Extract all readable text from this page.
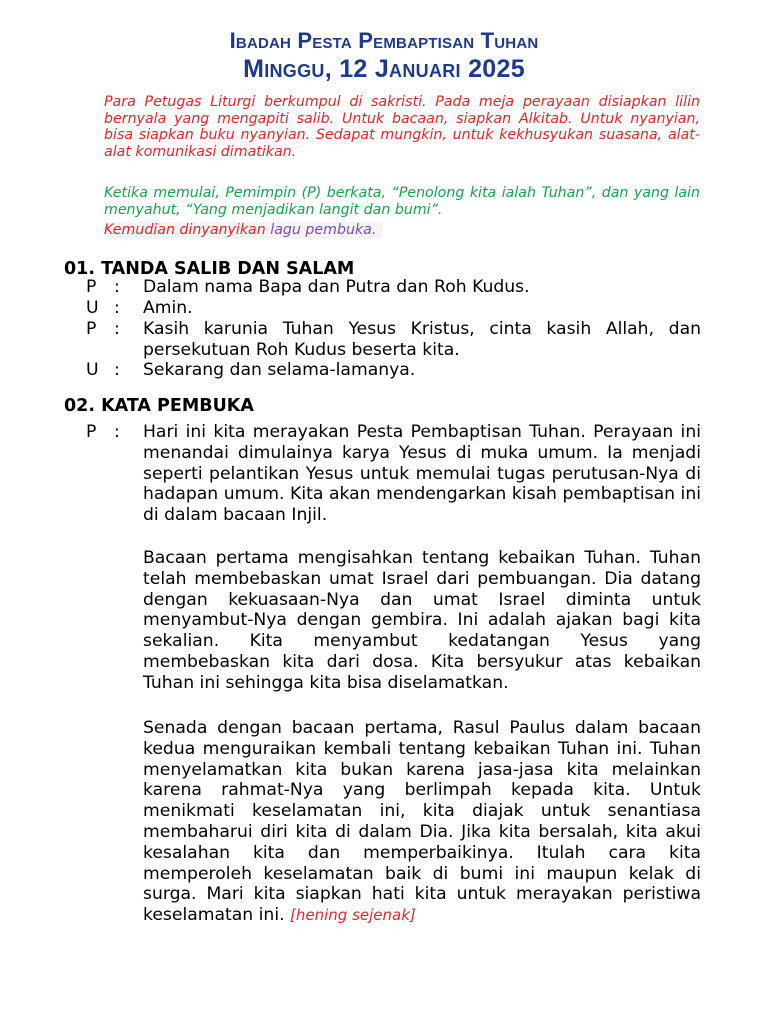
Ibadah Pesta Pembaptisan Tuhan
Minggu, 12 Januari 2025
Para Petugas Liturgi berkumpul di sakristi. Pada meja perayaan disiapkan lilin bernyala yang mengapiti salib. Untuk bacaan, siapkan Alkitab. Untuk nyanyian, bisa siapkan buku nyanyian. Sedapat mungkin, untuk kekhusyukan suasana, alat-alat komunikasi dimatikan.
Ketika memulai, Pemimpin (P) berkata, “Penolong kita ialah Tuhan”, dan yang lain menyahut, “Yang menjadikan langit dan bumi”.
Kemudian dinyanyikan lagu pembuka.
01. TANDA SALIB DAN SALAM
P	: Dalam nama Bapa dan Putra dan Roh Kudus.
U : Amin.
P	: Kasih karunia Tuhan Yesus Kristus, cinta kasih Allah, dan persekutuan Roh Kudus beserta kita.
U : Sekarang dan selama-lamanya.
02. KATA PEMBUKA
P	: Hari ini kita merayakan Pesta Pembaptisan Tuhan. Perayaan ini menandai dimulainya karya Yesus di muka umum. Ia menjadi seperti pelantikan Yesus untuk memulai tugas perutusan-Nya di hadapan umum. Kita akan mendengarkan kisah pembaptisan ini di dalam bacaan Injil.
Bacaan pertama mengisahkan tentang kebaikan Tuhan. Tuhan telah membebaskan umat Israel dari pembuangan. Dia datang dengan kekuasaan-Nya dan umat Israel diminta untuk menyambut-Nya dengan gembira. Ini adalah ajakan bagi kita sekalian. Kita menyambut kedatangan Yesus yang membebaskan kita dari dosa. Kita bersyukur atas kebaikan Tuhan ini sehingga kita bisa diselamatkan.
Senada dengan bacaan pertama, Rasul Paulus dalam bacaan kedua menguraikan kembali tentang kebaikan Tuhan ini. Tuhan menyelamatkan kita bukan karena jasa-jasa kita melainkan karena rahmat-Nya yang berlimpah kepada kita. Untuk menikmati keselamatan ini, kita diajak untuk senantiasa membaharui diri kita di dalam Dia. Jika kita bersalah, kita akui kesalahan kita dan memperbaikinya. Itulah cara kita memperoleh keselamatan baik di bumi ini maupun kelak di surga. Mari kita siapkan hati kita untuk merayakan peristiwa keselamatan ini. [hening sejenak]
